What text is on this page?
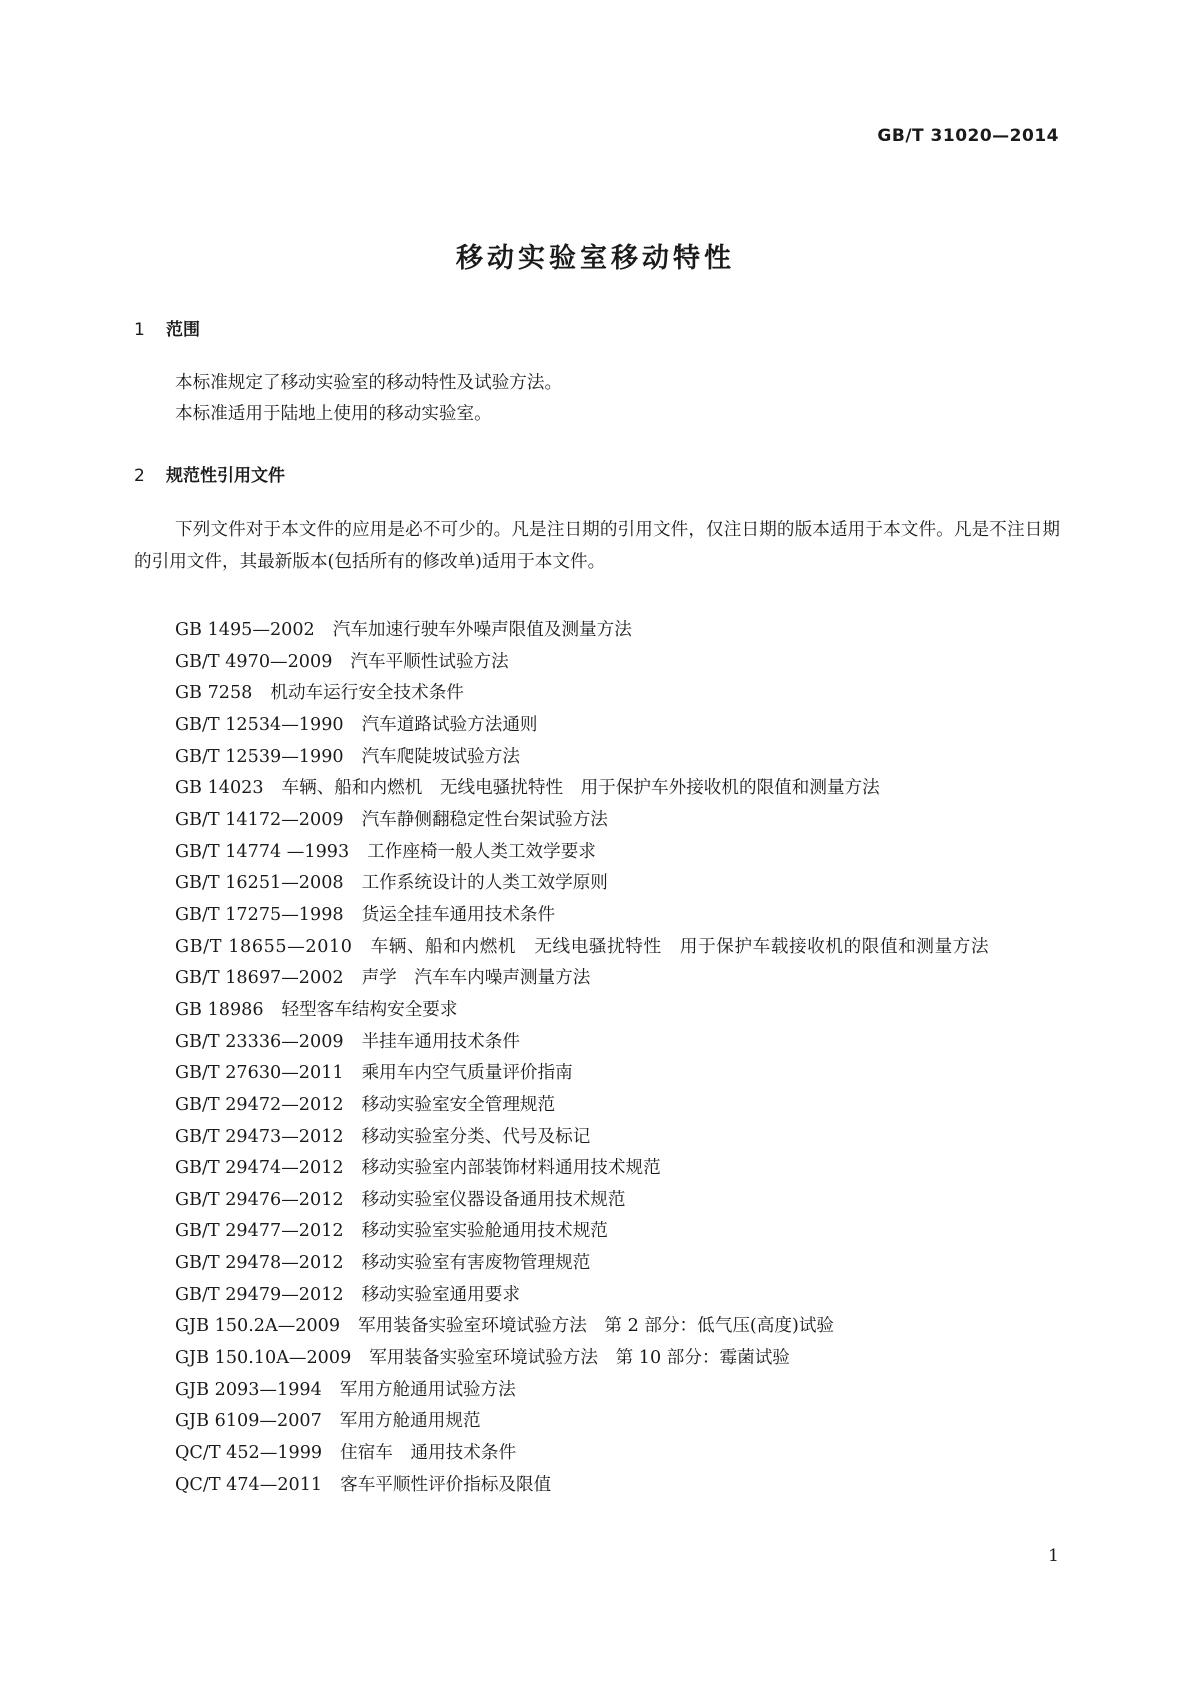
GB/T 31020—2014
移动实验室移动特性
1 范围

本标准规定了移动实验室的移动特性及试验方法。

本标准适用于陆地上使用的移动实验室。

2 规范性引用文件

下列文件对于本文件的应用是必不可少的。凡是注日期的引用文件，仅注日期的版本适用于本文件。凡是不注日期的引用文件，其最新版本(包括所有的修改单)适用于本文件。

GB 1495—2002 汽车加速行驶车外噪声限值及测量方法
GB/T 4970—2009 汽车平顺性试验方法
GB 7258 机动车运行安全技术条件
GB/T 12534—1990 汽车道路试验方法通则
GB/T 12539—1990 汽车爬陡坡试验方法
GB 14023 车辆、船和内燃机　无线电骚扰特性　用于保护车外接收机的限值和测量方法
GB/T 14172—2009 汽车静侧翻稳定性台架试验方法
GB/T 14774 —1993 工作座椅一般人类工效学要求
GB/T 16251—2008 工作系统设计的人类工效学原则
GB/T 17275—1998 货运全挂车通用技术条件
GB/T 18655—2010 车辆、船和内燃机　无线电骚扰特性　用于保护车载接收机的限值和测量方法
GB/T 18697—2002 声学　汽车车内噪声测量方法
GB 18986 轻型客车结构安全要求
GB/T 23336—2009 半挂车通用技术条件
GB/T 27630—2011 乘用车内空气质量评价指南
GB/T 29472—2012 移动实验室安全管理规范
GB/T 29473—2012 移动实验室分类、代号及标记
GB/T 29474—2012 移动实验室内部装饰材料通用技术规范
GB/T 29476—2012 移动实验室仪器设备通用技术规范
GB/T 29477—2012 移动实验室实验舱通用技术规范
GB/T 29478—2012 移动实验室有害废物管理规范
GB/T 29479—2012 移动实验室通用要求
GJB 150.2A—2009 军用装备实验室环境试验方法　第 2 部分：低气压(高度)试验
GJB 150.10A—2009 军用装备实验室环境试验方法　第 10 部分：霉菌试验
GJB 2093—1994 军用方舱通用试验方法
GJB 6109—2007 军用方舱通用规范
QC/T 452—1999 住宿车　通用技术条件
QC/T 474—2011 客车平顺性评价指标及限值
1
